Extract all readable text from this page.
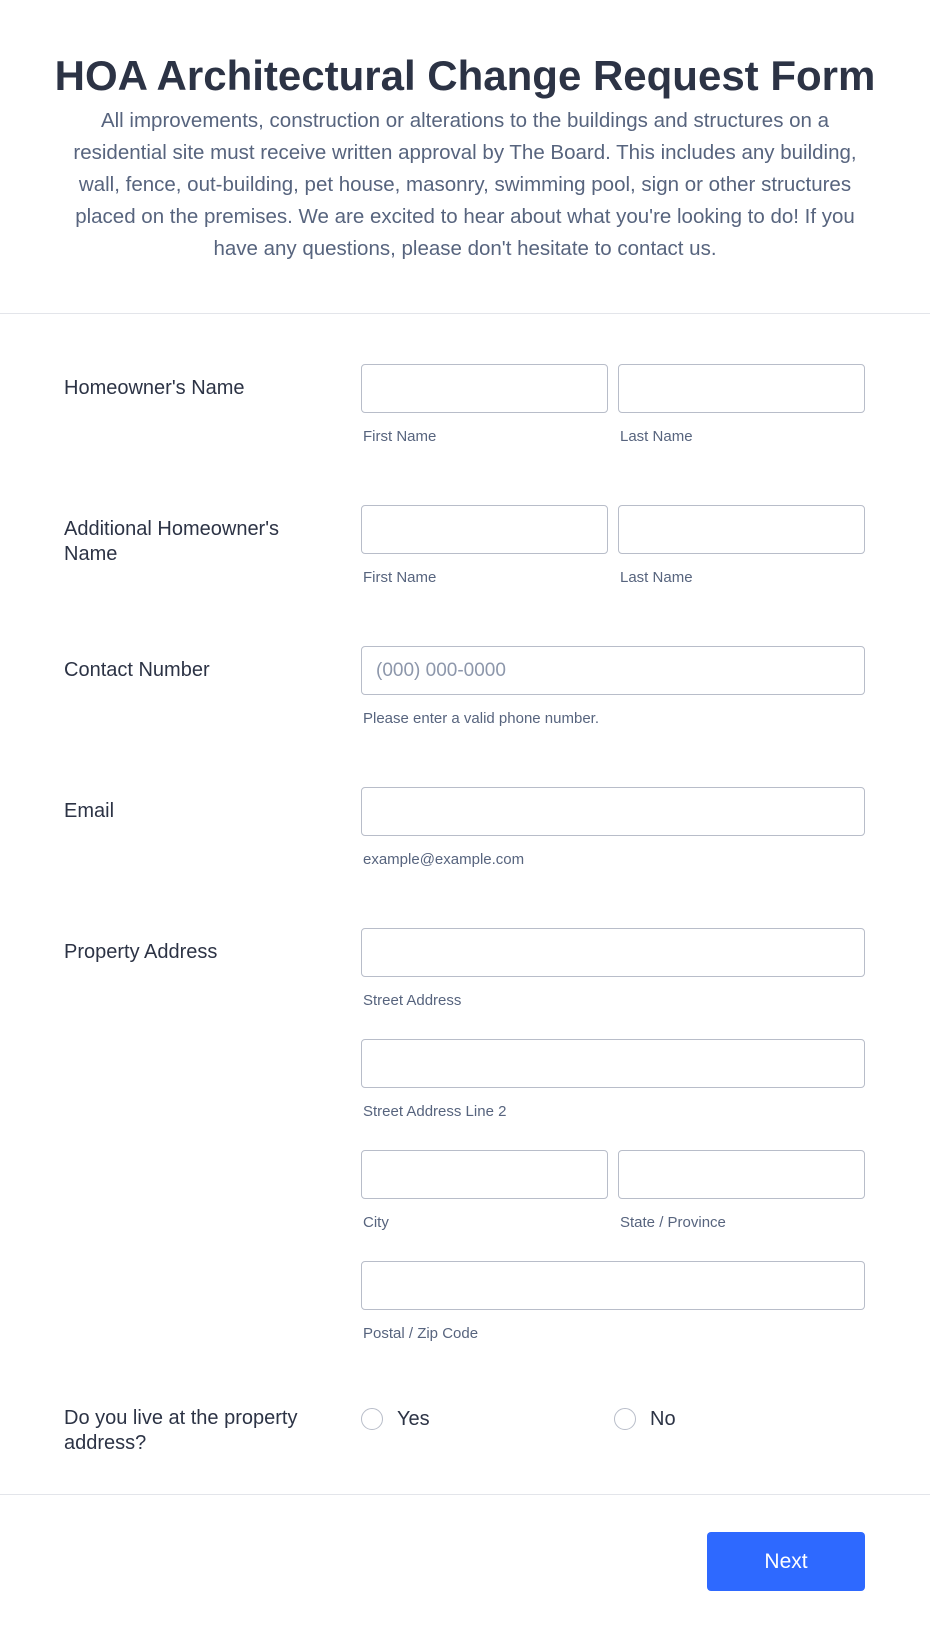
HOA Architectural Change Request Form

All improvements, construction or alterations to the buildings and structures on a residential site must receive written approval by The Board. This includes any building, wall, fence, out-building, pet house, masonry, swimming pool, sign or other structures placed on the premises. We are excited to hear about what you're looking to do! If you have any questions, please don't hesitate to contact us.

Homeowner's Name
First Name	Last Name
Additional Homeowner's Name
First Name	Last Name
Contact Number
(000) 000-0000
Please enter a valid phone number.
Email
example@example.com
Property Address
Street Address
Street Address Line 2
City	State / Province
Postal / Zip Code
Do you live at the property address?
Yes	No
Next
